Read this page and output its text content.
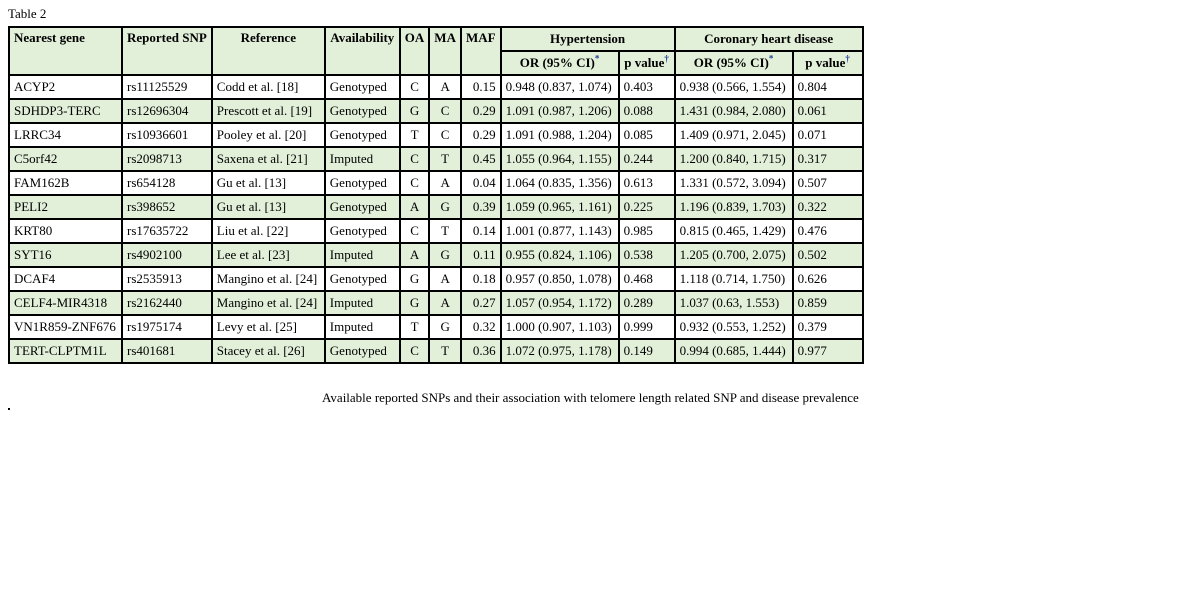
Table 2
Nearest gene	Reported SNP	Reference	Availability	OA	MA	MAF	Hypertension		Coronary heart disease	
							OR (95% CI)*	p value†	OR (95% CI)*	p value†
ACYP2	rs11125529	Codd et al. [18]	Genotyped	C	A	0.15	0.948 (0.837, 1.074)	0.403	0.938 (0.566, 1.554)	0.804
SDHDP3-TERC	rs12696304	Prescott et al. [19]	Genotyped	G	C	0.29	1.091 (0.987, 1.206)	0.088	1.431 (0.984, 2.080)	0.061
LRRC34	rs10936601	Pooley et al. [20]	Genotyped	T	C	0.29	1.091 (0.988, 1.204)	0.085	1.409 (0.971, 2.045)	0.071
C5orf42	rs2098713	Saxena et al. [21]	Imputed	C	T	0.45	1.055 (0.964, 1.155)	0.244	1.200 (0.840, 1.715)	0.317
FAM162B	rs654128	Gu et al. [13]	Genotyped	C	A	0.04	1.064 (0.835, 1.356)	0.613	1.331 (0.572, 3.094)	0.507
PELI2	rs398652	Gu et al. [13]	Genotyped	A	G	0.39	1.059 (0.965, 1.161)	0.225	1.196 (0.839, 1.703)	0.322
KRT80	rs17635722	Liu et al. [22]	Genotyped	C	T	0.14	1.001 (0.877, 1.143)	0.985	0.815 (0.465, 1.429)	0.476
SYT16	rs4902100	Lee et al. [23]	Imputed	A	G	0.11	0.955 (0.824, 1.106)	0.538	1.205 (0.700, 2.075)	0.502
DCAF4	rs2535913	Mangino et al. [24]	Genotyped	G	A	0.18	0.957 (0.850, 1.078)	0.468	1.118 (0.714, 1.750)	0.626
CELF4-MIR4318	rs2162440	Mangino et al. [24]	Imputed	G	A	0.27	1.057 (0.954, 1.172)	0.289	1.037 (0.63, 1.553)	0.859
VN1R859-ZNF676	rs1975174	Levy et al. [25]	Imputed	T	G	0.32	1.000 (0.907, 1.103)	0.999	0.932 (0.553, 1.252)	0.379
TERT-CLPTM1L	rs401681	Stacey et al. [26]	Genotyped	C	T	0.36	1.072 (0.975, 1.178)	0.149	0.994 (0.685, 1.444)	0.977
Available reported SNPs and their association with telomere length related SNP and disease prevalence
